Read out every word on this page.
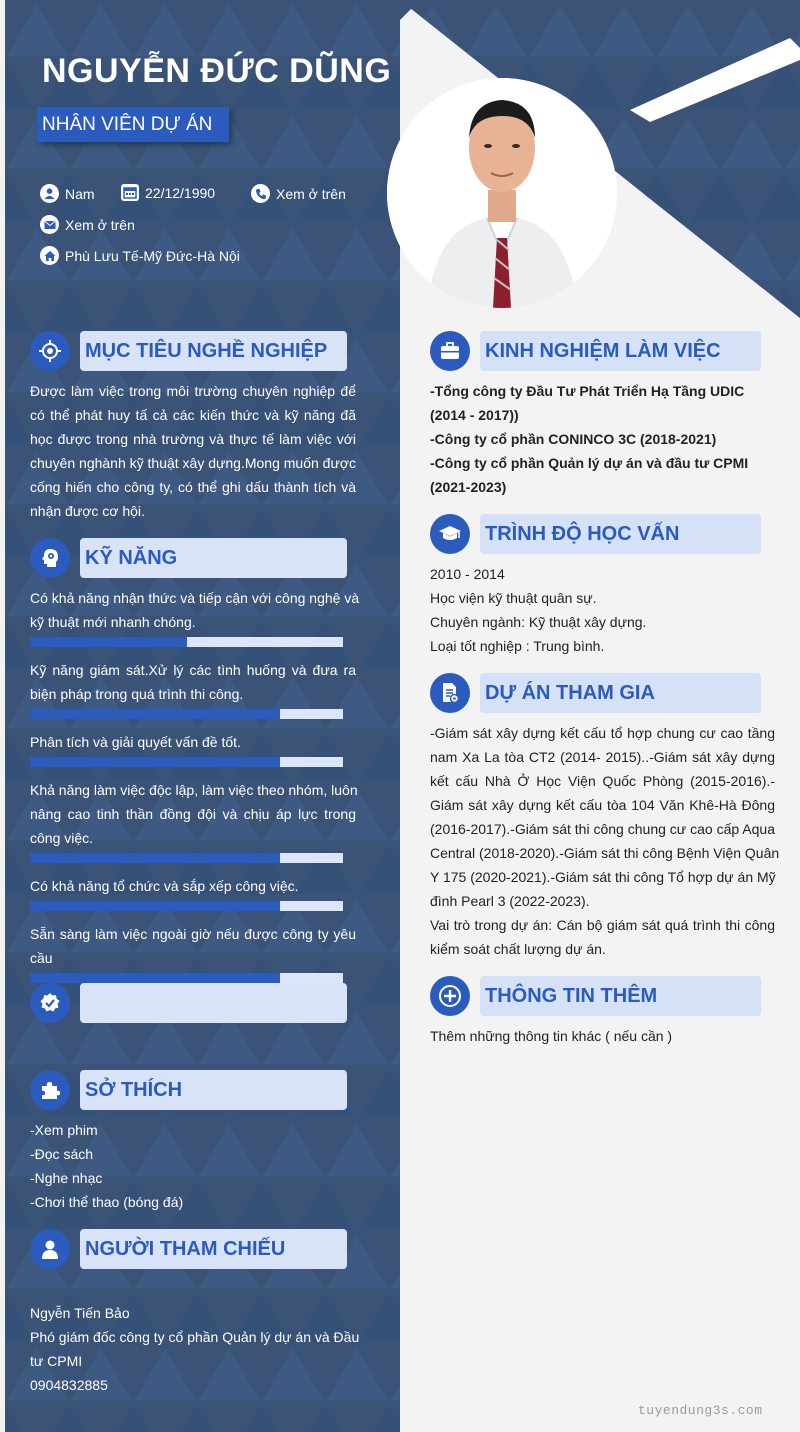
NGUYỄN ĐỨC DŨNG
NHÂN VIÊN DỰ ÁN
Nam	22/12/1990	Xem ở trên
Xem ở trên
Phù Lưu Tế-Mỹ Đức-Hà Nội
MỤC TIÊU NGHỀ NGHIỆP
Được làm việc trong môi trường chuyên nghiệp để
có thể phát huy tấ cả các kiến thức và kỹ năng đã
học được trong nhà trường và thực tế làm việc với
chuyên nghành kỹ thuật xây dựng.Mong muốn được
cống hiến cho công ty, có thể ghi dấu thành tích và
nhận được cơ hội.
KỸ NĂNG
Có khả năng nhận thức và tiếp cận với công nghệ và
kỹ thuật mới nhanh chóng.
Kỹ năng giám sát.Xử lý các tình huống và đưa ra
biện pháp trong quá trình thi công.
Phân tích và giải quyết vấn đề tốt.
Khả năng làm việc độc lập, làm việc theo nhóm, luôn
nâng cao tinh thần đồng đội và chịu áp lực trong
công việc.
Có khả năng tổ chức và sắp xếp công việc.
Sẵn sàng làm việc ngoài giờ nếu được công ty yêu
cầu
SỞ THÍCH
-Xem phim
-Đọc sách
-Nghe nhạc
-Chơi thể thao (bóng đá)
NGƯỜI THAM CHIẾU
Ngyễn Tiến Bảo
Phó giám đốc công ty cổ phần Quản lý dự án và Đầu
tư CPMI
0904832885
KINH NGHIỆM LÀM VIỆC
-Tổng công ty Đầu Tư Phát Triển Hạ Tầng UDIC
(2014 - 2017))
-Công ty cổ phần CONINCO 3C (2018-2021)
-Công ty cổ phần Quản lý dự án và đầu tư CPMI
(2021-2023)
TRÌNH ĐỘ HỌC VẤN
2010 - 2014
Học viện kỹ thuật quân sự.
Chuyên ngành: Kỹ thuật xây dựng.
Loại tốt nghiệp : Trung bình.
DỰ ÁN THAM GIA
-Giám sát xây dựng kết cấu tổ hợp chung cư cao tầng
nam Xa La tòa CT2 (2014- 2015)..-Giám sát xây dựng
kết cấu Nhà Ở Học Viện Quốc Phòng (2015-2016).-
Giám sát xây dựng kết cấu tòa 104 Văn Khê-Hà Đông
(2016-2017).-Giám sát thi công chung cư cao cấp Aqua
Central (2018-2020).-Giám sát thi công Bệnh Viện Quân
Y 175 (2020-2021).-Giám sát thi công Tổ hợp dự án Mỹ
đình Pearl 3 (2022-2023).
Vai trò trong dự án: Cán bộ giám sát quá trình thi công
kiểm soát chất lượng dự án.
THÔNG TIN THÊM
Thêm những thông tin khác ( nếu cần )
tuyendung3s.com
